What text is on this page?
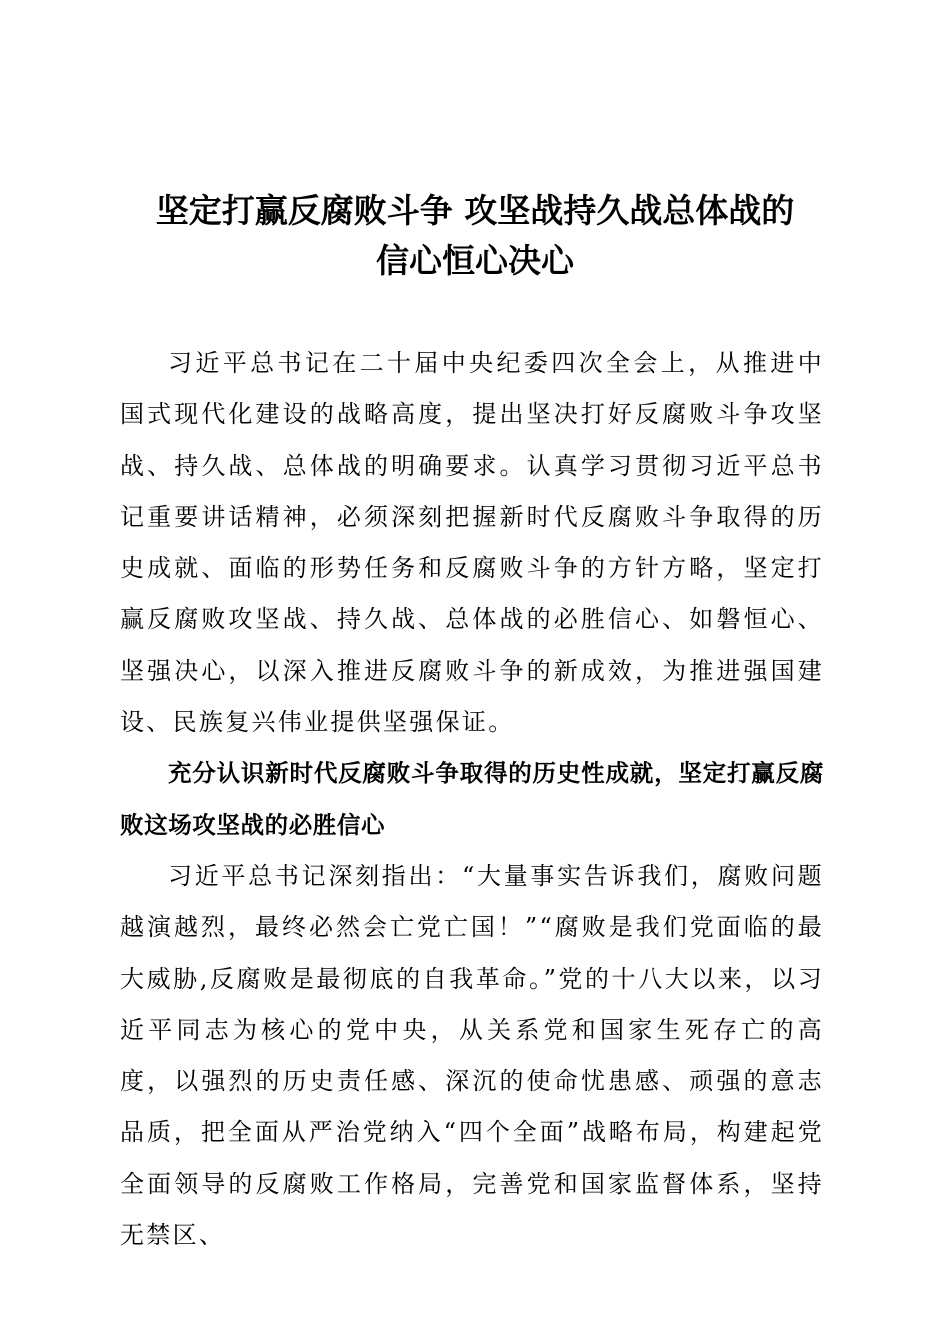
坚定打赢反腐败斗争 攻坚战持久战总体战的
信心恒心决心

习近平总书记在二十届中央纪委四次全会上，从推进中国式现代化建设的战略高度，提出坚决打好反腐败斗争攻坚战、持久战、总体战的明确要求。认真学习贯彻习近平总书记重要讲话精神，必须深刻把握新时代反腐败斗争取得的历史成就、面临的形势任务和反腐败斗争的方针方略，坚定打赢反腐败攻坚战、持久战、总体战的必胜信心、如磐恒心、坚强决心，以深入推进反腐败斗争的新成效，为推进强国建设、民族复兴伟业提供坚强保证。

充分认识新时代反腐败斗争取得的历史性成就，坚定打赢反腐败这场攻坚战的必胜信心

习近平总书记深刻指出：“大量事实告诉我们，腐败问题越演越烈，最终必然会亡党亡国！”“腐败是我们党面临的最大威胁,反腐败是最彻底的自我革命。”党的十八大以来，以习近平同志为核心的党中央，从关系党和国家生死存亡的高度，以强烈的历史责任感、深沉的使命忧患感、顽强的意志品质，把全面从严治党纳入“四个全面”战略布局，构建起党全面领导的反腐败工作格局，完善党和国家监督体系，坚持无禁区、
